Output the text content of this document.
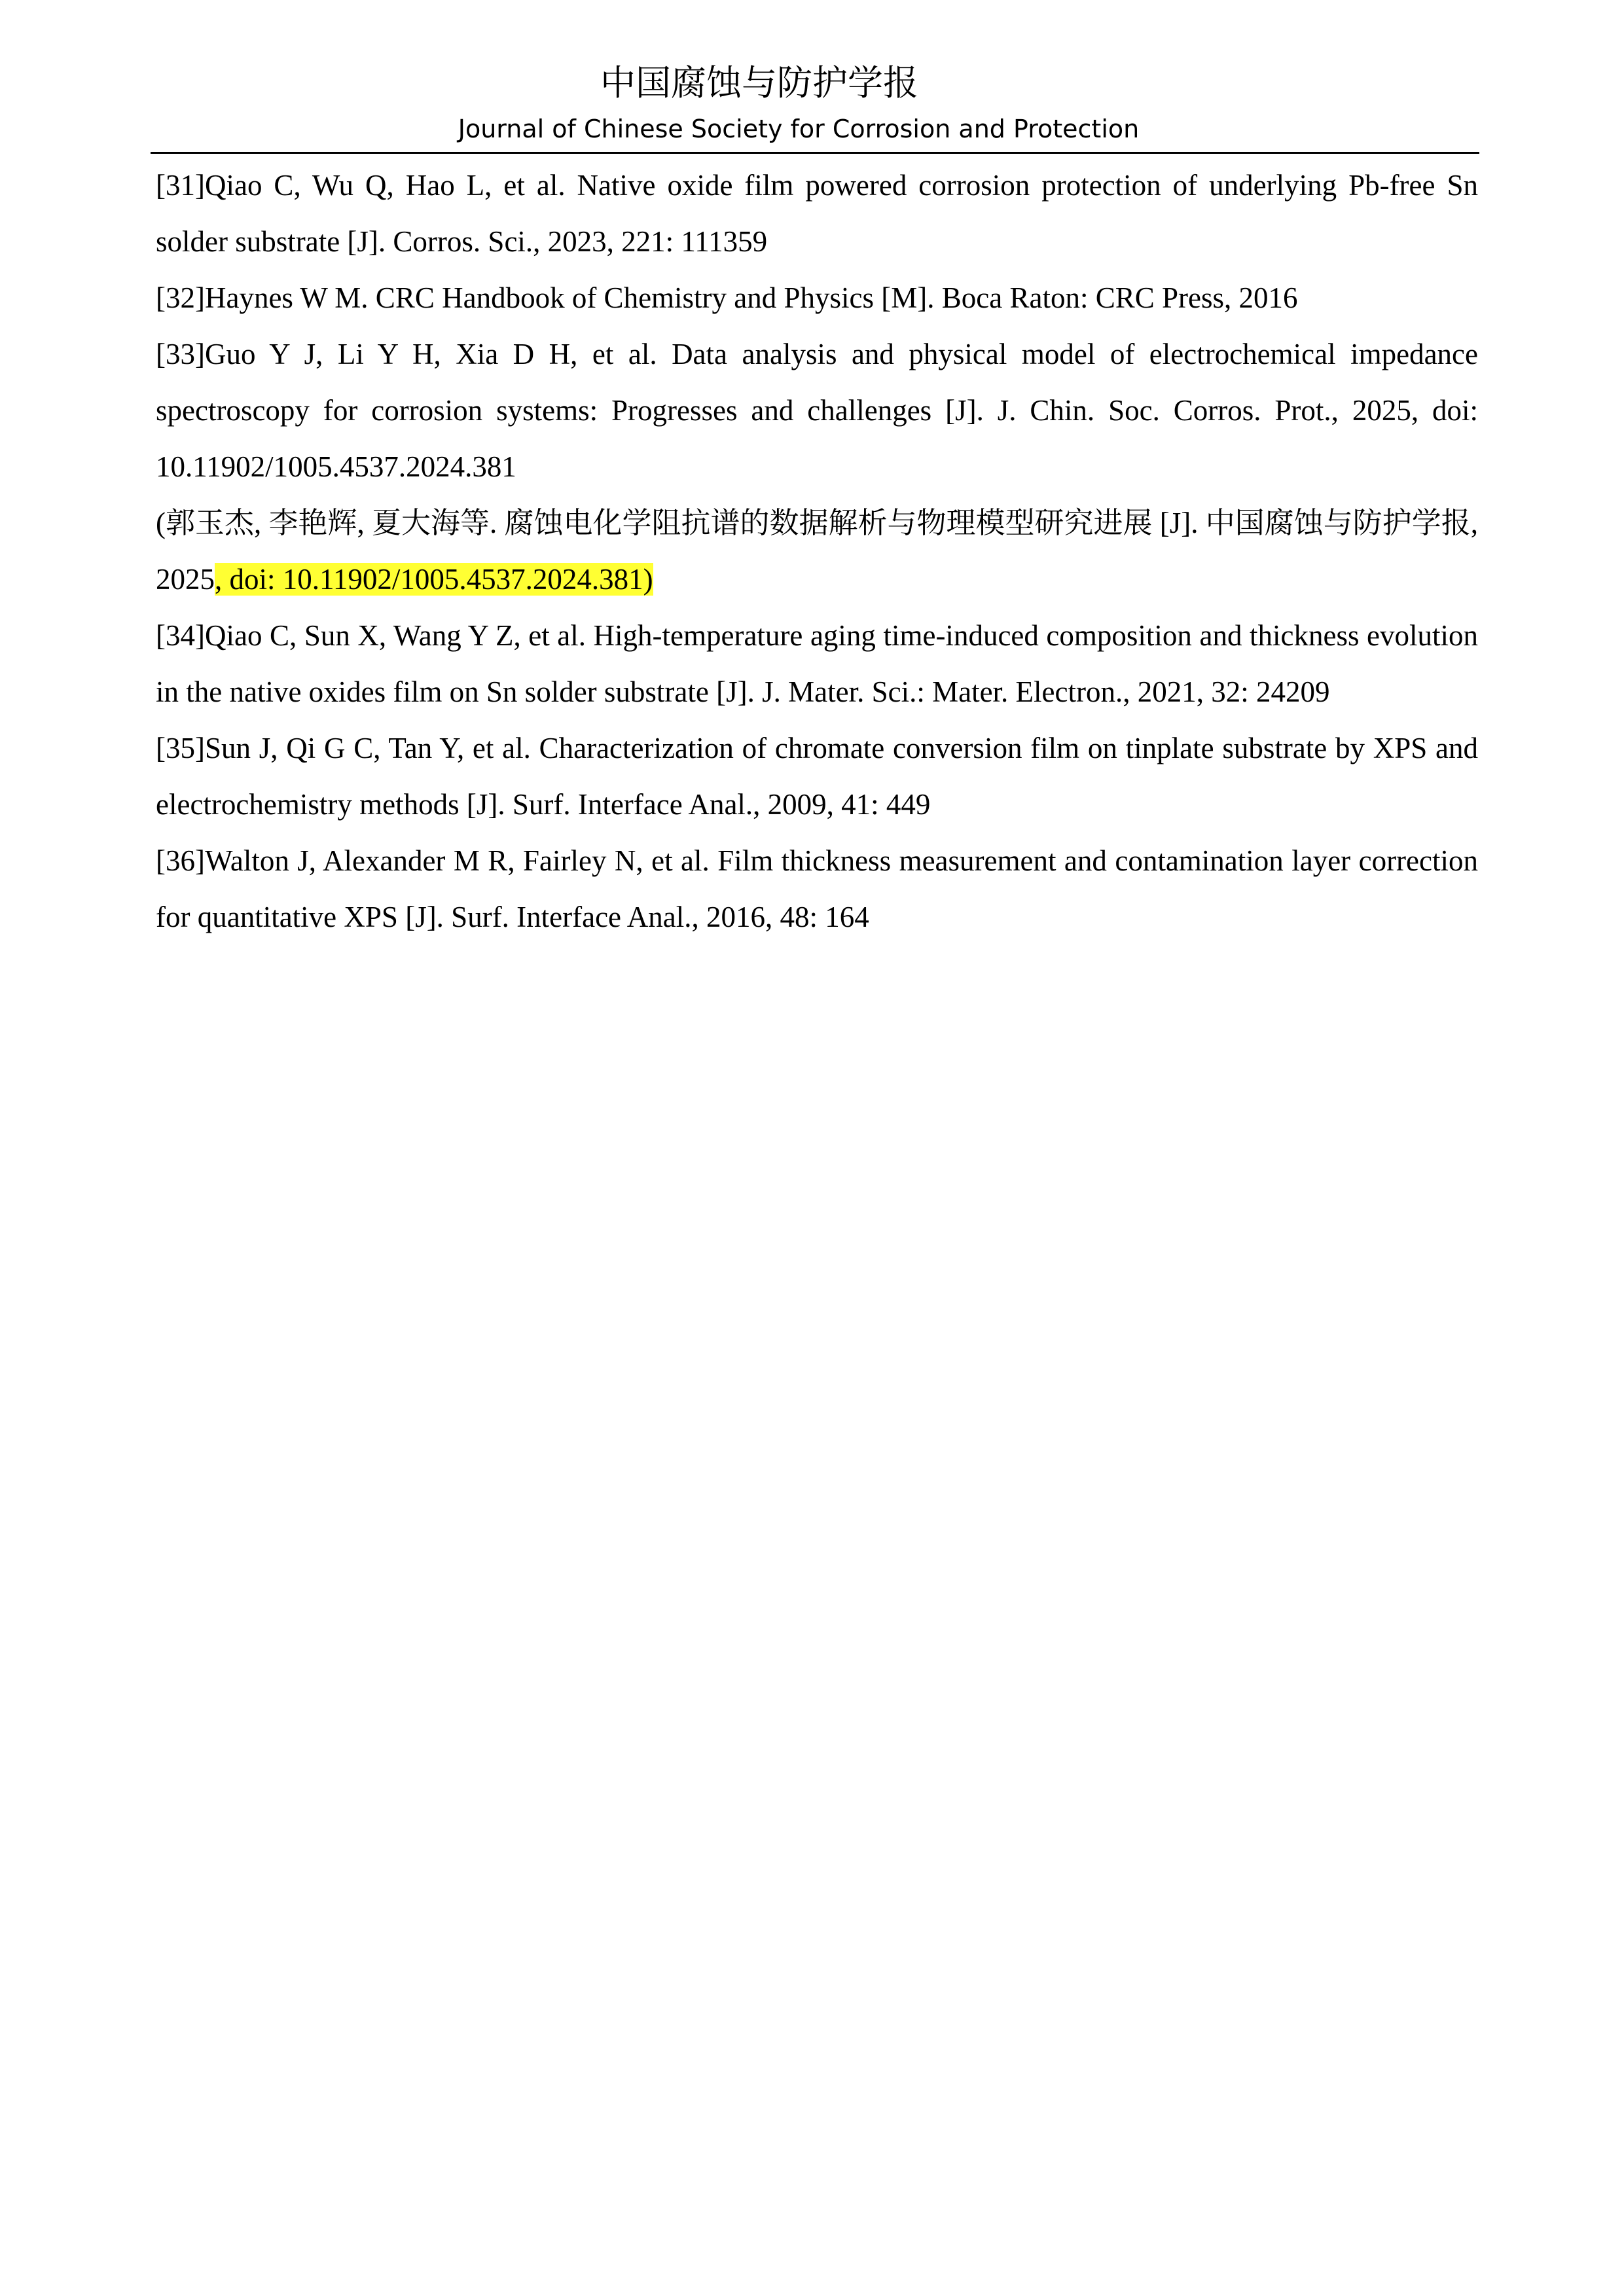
中国腐蚀与防护学报
Journal of Chinese Society for Corrosion and Protection
[31]Qiao C, Wu Q, Hao L, et al. Native oxide film powered corrosion protection of underlying Pb-free Sn solder substrate [J]. Corros. Sci., 2023, 221: 111359
[32]Haynes W M. CRC Handbook of Chemistry and Physics [M]. Boca Raton: CRC Press, 2016
[33]Guo Y J, Li Y H, Xia D H, et al. Data analysis and physical model of electrochemical impedance spectroscopy for corrosion systems: Progresses and challenges [J]. J. Chin. Soc. Corros. Prot., 2025, doi: 10.11902/1005.4537.2024.381
(郭玉杰, 李艳辉, 夏大海等. 腐蚀电化学阻抗谱的数据解析与物理模型研究进展 [J]. 中国腐蚀与防护学报, 2025, doi: 10.11902/1005.4537.2024.381)
[34]Qiao C, Sun X, Wang Y Z, et al. High-temperature aging time-induced composition and thickness evolution in the native oxides film on Sn solder substrate [J]. J. Mater. Sci.: Mater. Electron., 2021, 32: 24209
[35]Sun J, Qi G C, Tan Y, et al. Characterization of chromate conversion film on tinplate substrate by XPS and electrochemistry methods [J]. Surf. Interface Anal., 2009, 41: 449
[36]Walton J, Alexander M R, Fairley N, et al. Film thickness measurement and contamination layer correction for quantitative XPS [J]. Surf. Interface Anal., 2016, 48: 164
